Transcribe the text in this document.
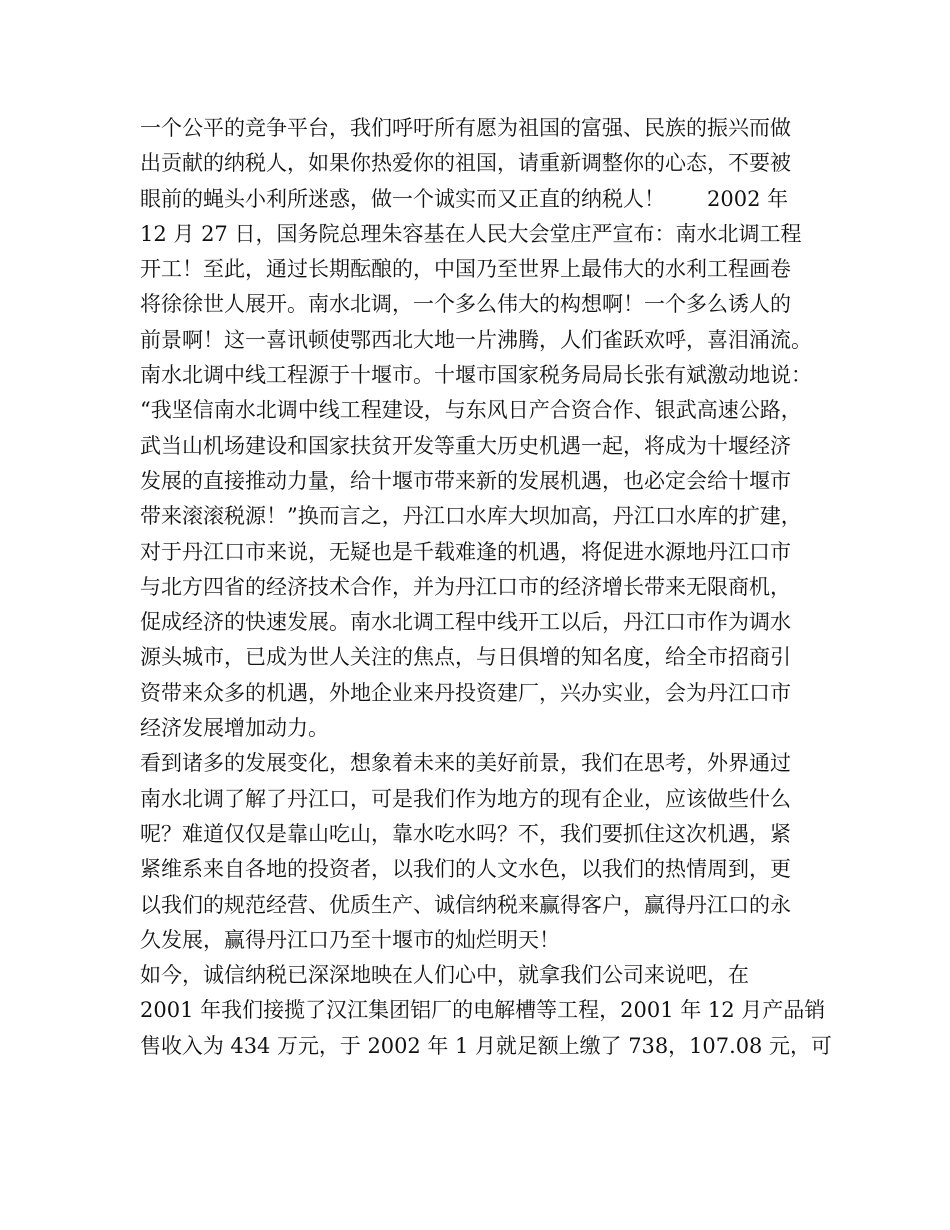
一个公平的竞争平台，我们呼吁所有愿为祖国的富强、民族的振兴而做
出贡献的纳税人，如果你热爱你的祖国，请重新调整你的心态，不要被
眼前的蝇头小利所迷惑，做一个诚实而又正直的纳税人！　　2002 年
12 月 27 日，国务院总理朱容基在人民大会堂庄严宣布：南水北调工程
开工！至此，通过长期酝酿的，中国乃至世界上最伟大的水利工程画卷
将徐徐世人展开。南水北调，一个多么伟大的构想啊！一个多么诱人的
前景啊！这一喜讯顿使鄂西北大地一片沸腾，人们雀跃欢呼，喜泪涌流。
南水北调中线工程源于十堰市。十堰市国家税务局局长张有斌激动地说：
“我坚信南水北调中线工程建设，与东风日产合资合作、银武高速公路，
武当山机场建设和国家扶贫开发等重大历史机遇一起，将成为十堰经济
发展的直接推动力量，给十堰市带来新的发展机遇，也必定会给十堰市
带来滚滚税源！”换而言之，丹江口水库大坝加高，丹江口水库的扩建，
对于丹江口市来说，无疑也是千载难逢的机遇，将促进水源地丹江口市
与北方四省的经济技术合作，并为丹江口市的经济增长带来无限商机，
促成经济的快速发展。南水北调工程中线开工以后，丹江口市作为调水
源头城市，已成为世人关注的焦点，与日俱增的知名度，给全市招商引
资带来众多的机遇，外地企业来丹投资建厂，兴办实业，会为丹江口市
经济发展增加动力。
看到诸多的发展变化，想象着未来的美好前景，我们在思考，外界通过
南水北调了解了丹江口，可是我们作为地方的现有企业，应该做些什么
呢？难道仅仅是靠山吃山，靠水吃水吗？不，我们要抓住这次机遇，紧
紧维系来自各地的投资者，以我们的人文水色，以我们的热情周到，更
以我们的规范经营、优质生产、诚信纳税来赢得客户，赢得丹江口的永
久发展，赢得丹江口乃至十堰市的灿烂明天！
如今，诚信纳税已深深地映在人们心中，就拿我们公司来说吧，在
2001 年我们接揽了汉江集团铝厂的电解槽等工程，2001 年 12 月产品销
售收入为 434 万元，于 2002 年 1 月就足额上缴了 738，107.08 元，可
